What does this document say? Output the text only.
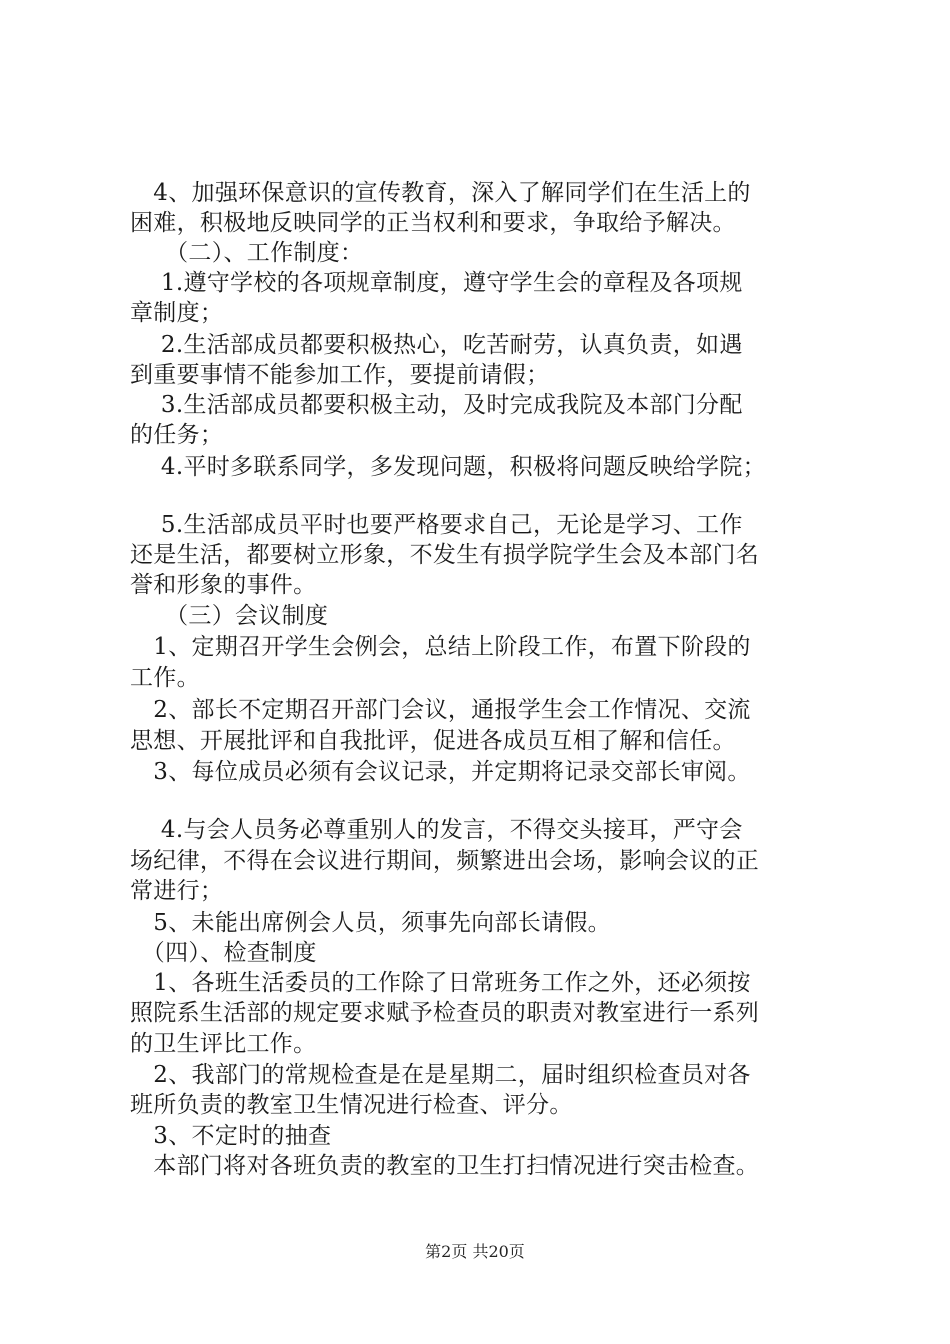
　4、加强环保意识的宣传教育，深入了解同学们在生活上的
困难，积极地反映同学的正当权利和要求，争取给予解决。
　　（二）、工作制度：
　 1.遵守学校的各项规章制度，遵守学生会的章程及各项规
章制度；
　 2.生活部成员都要积极热心，吃苦耐劳，认真负责，如遇
到重要事情不能参加工作，要提前请假；
　 3.生活部成员都要积极主动，及时完成我院及本部门分配
的任务；
　 4.平时多联系同学，多发现问题，积极将问题反映给学院；
　 5.生活部成员平时也要严格要求自己，无论是学习、工作
还是生活，都要树立形象，不发生有损学院学生会及本部门名
誉和形象的事件。
　　（三）会议制度
　1、定期召开学生会例会，总结上阶段工作，布置下阶段的
工作。
　2、部长不定期召开部门会议，通报学生会工作情况、交流
思想、开展批评和自我批评，促进各成员互相了解和信任。
　3、每位成员必须有会议记录，并定期将记录交部长审阅。
　 4.与会人员务必尊重别人的发言，不得交头接耳，严守会
场纪律，不得在会议进行期间，频繁进出会场，影响会议的正
常进行；
　5、未能出席例会人员，须事先向部长请假。
　（四）、检查制度
　1、各班生活委员的工作除了日常班务工作之外，还必须按
照院系生活部的规定要求赋予检查员的职责对教室进行一系列
的卫生评比工作。
　2、我部门的常规检查是在是星期二，届时组织检查员对各
班所负责的教室卫生情况进行检查、评分。
　3、不定时的抽查
　本部门将对各班负责的教室的卫生打扫情况进行突击检查。
第2页 共20页
